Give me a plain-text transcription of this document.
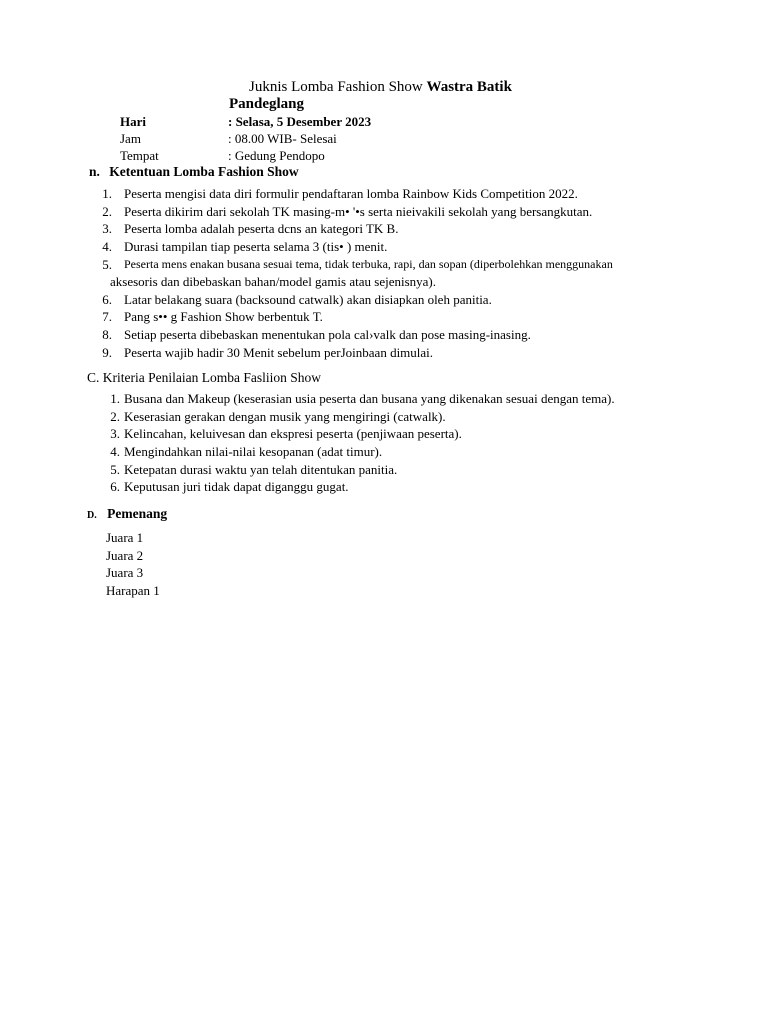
Juknis Lomba Fashion Show Wastra Batik
Pandeglang
Hari	: Selasa, 5 Desember 2023
Jam	: 08.00 WIB- Selesai
Tempat	: Gedung Pendopo
n. Ketentuan Lomba Fashion Show
1. Peserta mengisi data diri formulir pendaftaran lomba Rainbow Kids Competition 2022.
2. Peserta dikirim dari sekolah TK masing-m• '•s serta nieivakili sekolah yang bersangkutan.
3. Peserta lomba adalah peserta dcns an kategori TK B.
4. Durasi tampilan tiap peserta selama 3 (tis• ) menit.
5. Peserta mens enakan busana sesuai tema, tidak terbuka, rapi, dan sopan (diperbolehkan menggunakan
aksesoris dan dibebaskan bahan/model gamis atau sejenisnya).
6. Latar belakang suara (backsound catwalk) akan disiapkan oleh panitia.
7. Pang s•• g Fashion Show berbentuk T.
8. Setiap peserta dibebaskan menentukan pola cal›valk dan pose masing-inasing.
9. Peserta wajib hadir 30 Menit sebelum perJoinbaan dimulai.
C. Kriteria Penilaian Lomba Fasliion Show
1. Busana dan Makeup (keserasian usia peserta dan busana yang dikenakan sesuai dengan tema).
2. Keserasian gerakan dengan musik yang mengiringi (catwalk).
3. Kelincahan, keluivesan dan ekspresi peserta (penjiwaan peserta).
4. Mengindahkan nilai-nilai kesopanan (adat timur).
5. Ketepatan durasi waktu yan telah ditentukan panitia.
6. Keputusan juri tidak dapat diganggu gugat.
D. Pemenang
Juara 1
Juara 2
Juara 3
Harapan 1
